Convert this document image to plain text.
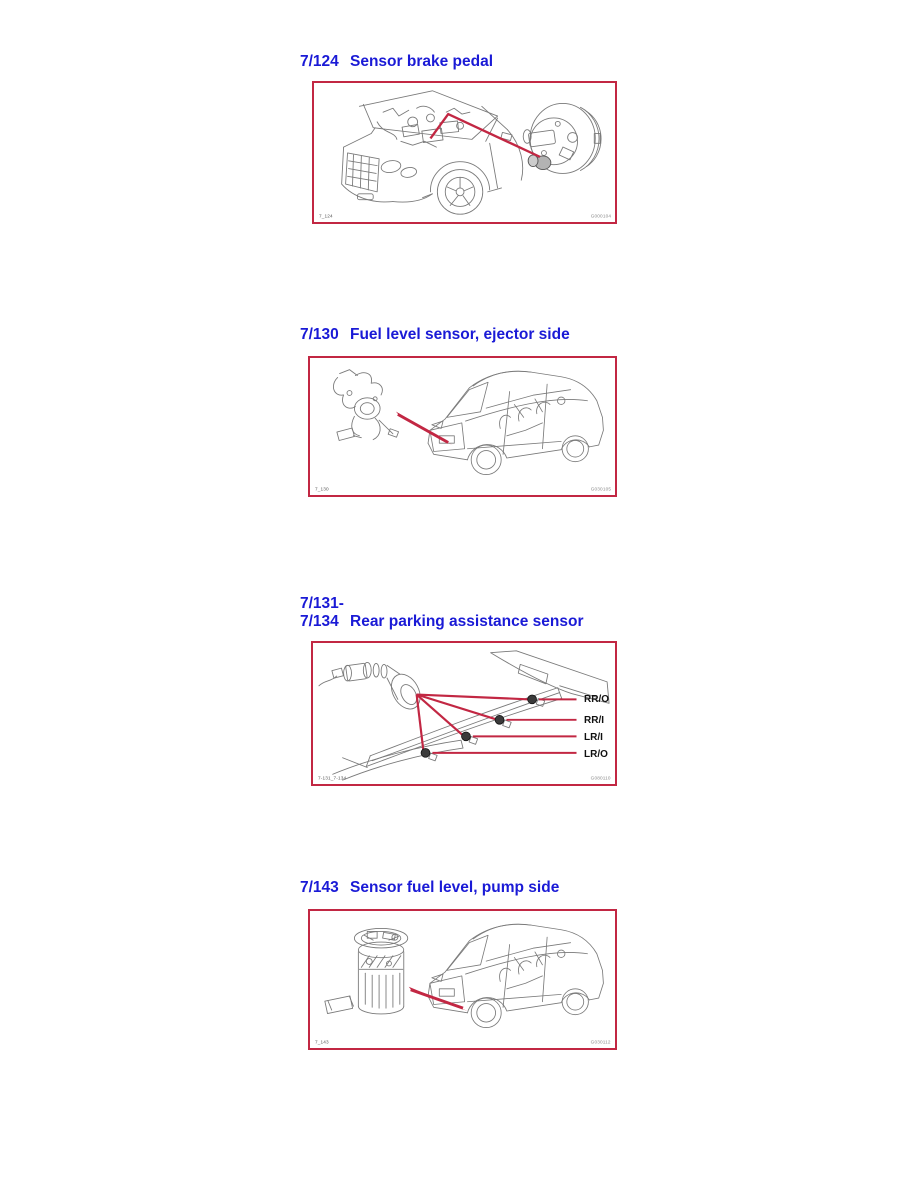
7/124 Sensor brake pedal
7_124	G000104
7/130 Fuel level sensor, ejector side
7_130	G030105
7/131-
7/134 Rear parking assistance sensor
RR/O
RR/I
LR/I
LR/O
7-131_7-134	G080110
7/143 Sensor fuel level, pump side
7_143	G030112
